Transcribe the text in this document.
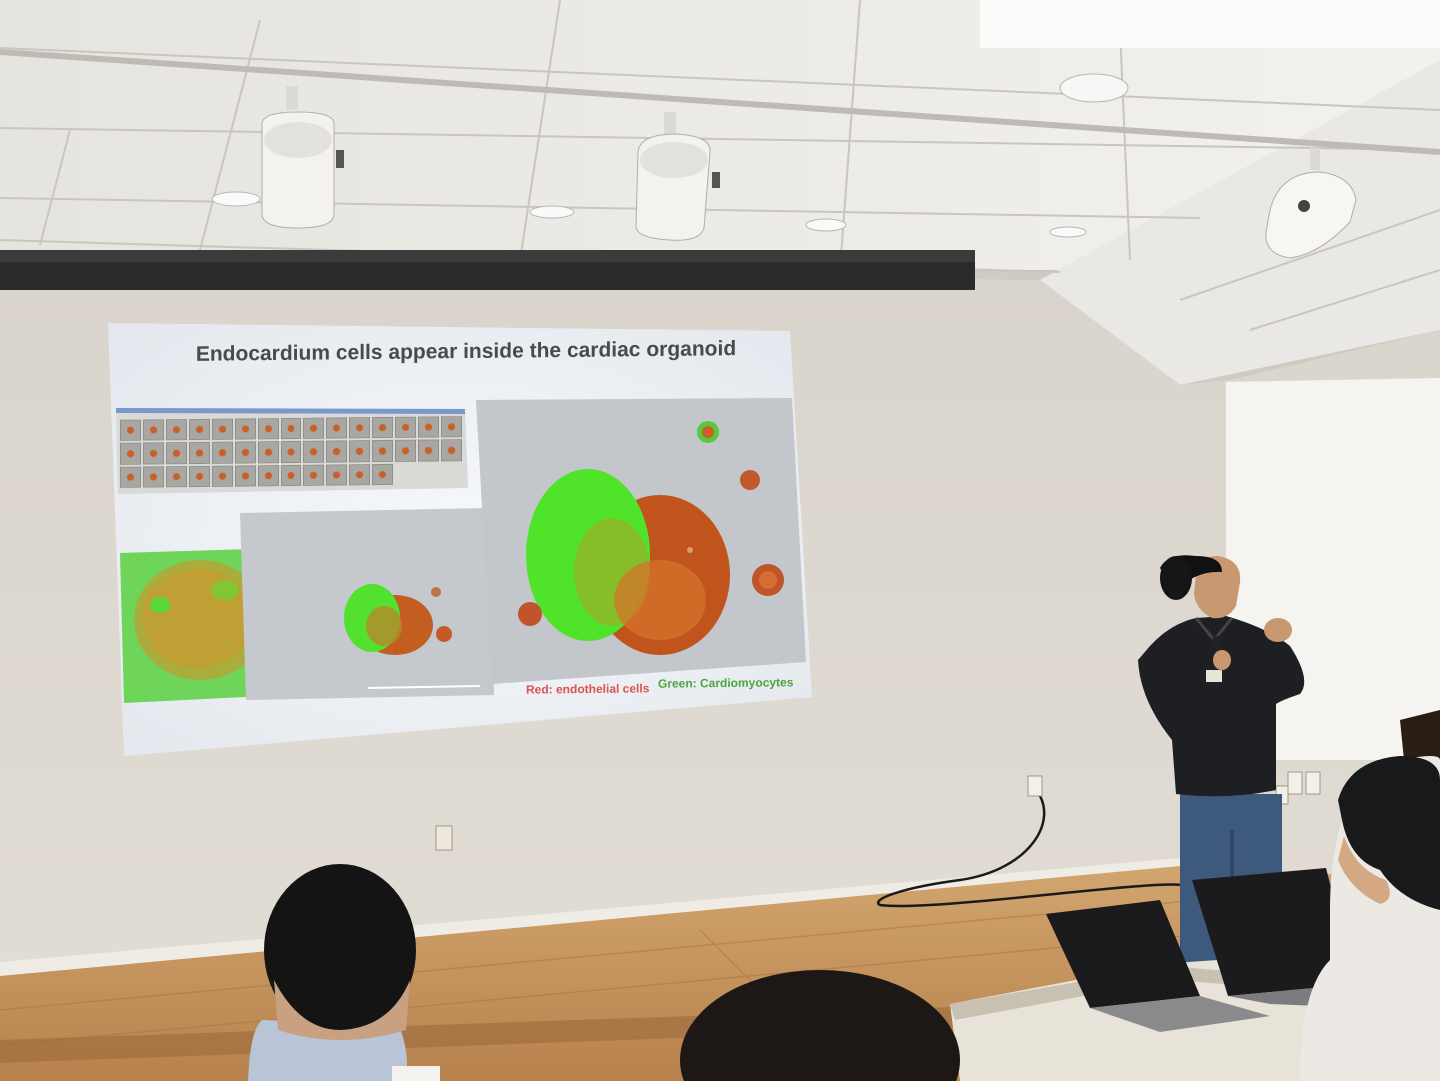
Endocardium cells appear inside the cardiac organoid
Red: endothelial cells Green: Cardiomyocytes
